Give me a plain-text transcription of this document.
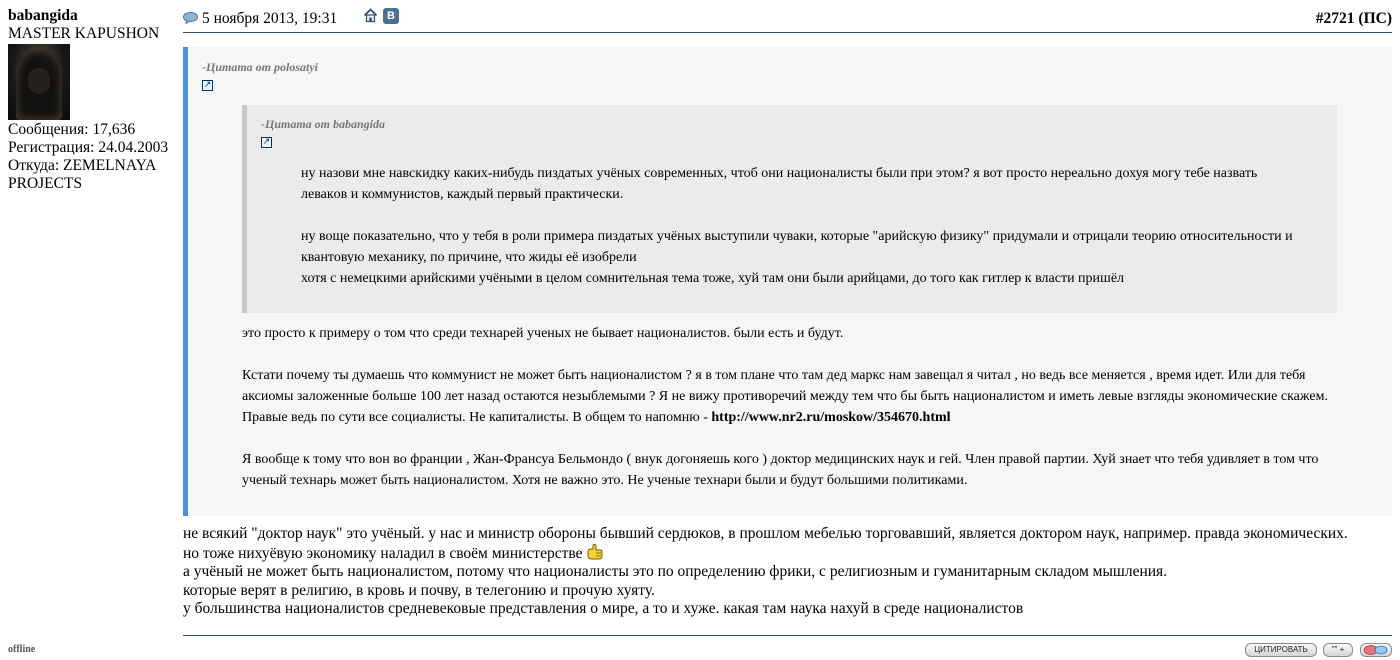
babangida
MASTER KAPUSHON
Сообщения: 17,636
Регистрация: 24.04.2003
Откуда: ZEMELNAYA PROJECTS
offline
5 ноября 2013, 19:31	B	#2721 (ПС)
-Цитата от polosatyi
↗
-Цитата от babangida
↗

ну назови мне навскидку каких-нибудь пиздатых учёных современных, чтоб они националисты были при этом? я вот просто нереально дохуя могу тебе назвать левакoв и коммунистов, каждый первый практически.

ну воще показательно, что у тебя в роли примера пиздатых учёных выступили чуваки, которые "арийскую физику" придумали и отрицали теорию относительности и квантовую механику, по причине, что жиды её изобрели

хотя с немецкими арийскими учёными в целом сомнительная тема тоже, хуй там они были арийцами, до того как гитлер к власти пришёл

это просто к примеру о том что среди технарей ученых не бывает националистов. были есть и будут.

Кстати почему ты думаешь что коммунист не может быть националистом ? я в том плане что там дед маркс нам завещал я читал , но ведь все меняется , время идет. Или для тебя аксиомы заложенные больше 100 лет назад остаются незыблемыми ? Я не вижу противоречий между тем что бы быть националистом и иметь левые взгляды экономические скажем. Правые ведь по сути все социалисты. Не капиталисты. В общем то напомню - http://www.nr2.ru/moskow/354670.html

Я вообще к тому что вон во франции , Жан-Франсуа Бельмондо ( внук догоняешь кого ) доктор медицинских наук и гей. Член правой партии. Хуй знает что тебя удивляет в том что ученый технарь может быть националистом. Хотя не важно это. Не ученые технари были и будут большими политиками.

не всякий "доктор наук" это учёный. у нас и министр обороны бывший сердюков, в прошлом мебелью торговавший, является доктором наук, например. правда экономических.

но тоже нихуёвую экономику наладил в своём министерстве

а учёный не может быть националистом, потому что националисты это по определению фрики, с религиозным и гуманитарным складом мышления.

которые верят в религию, в кровь и почву, в телегонию и прочую хуяту.

у большинства националистов средневековые представления о мире, а то и хуже. какая там наука нахуй в среде националистов

ЦИТИРОВАТЬ	"" +
